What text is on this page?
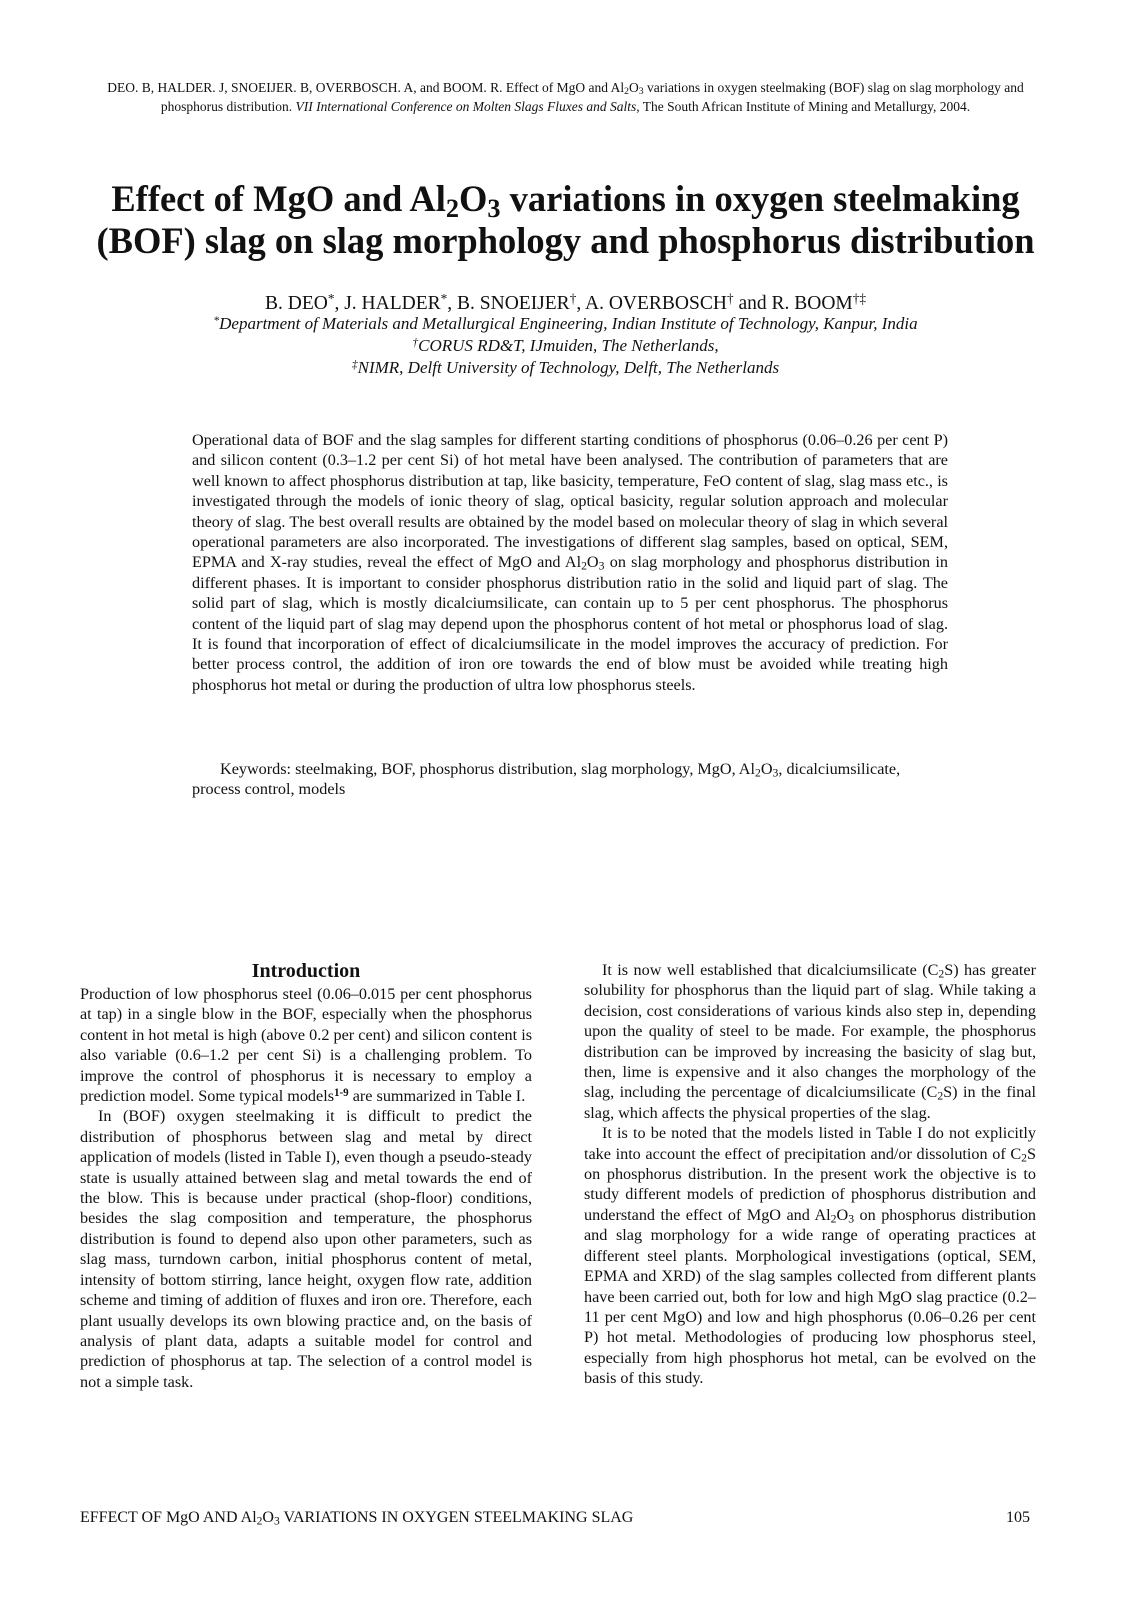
DEO. B, HALDER. J, SNOEIJER. B, OVERBOSCH. A, and BOOM. R. Effect of MgO and $Al_2O_3$ variations in oxygen steelmaking (BOF) slag on slag morphology and phosphorus distribution. VII International Conference on Molten Slags Fluxes and Salts, The South African Institute of Mining and Metallurgy, 2004.
Effect of MgO and $Al_2O_3$ variations in oxygen steelmaking
(BOF) slag on slag morphology and phosphorus distribution
B. DEO*, J. HALDER*, B. SNOEIJER†, A. OVERBOSCH† and R. BOOM†‡
*Department of Materials and Metallurgical Engineering, Indian Institute of Technology, Kanpur, India
†CORUS RD&T, IJmuiden, The Netherlands,
‡NIMR, Delft University of Technology, Delft, The Netherlands

Operational data of BOF and the slag samples for different starting conditions of phosphorus (0.06–0.26 per cent P) and silicon content (0.3–1.2 per cent Si) of hot metal have been analysed. The contribution of parameters that are well known to affect phosphorus distribution at tap, like basicity, temperature, FeO content of slag, slag mass etc., is investigated through the models of ionic theory of slag, optical basicity, regular solution approach and molecular theory of slag. The best overall results are obtained by the model based on molecular theory of slag in which several operational parameters are also incorporated. The investigations of different slag samples, based on optical, SEM, EPMA and X-ray studies, reveal the effect of MgO and $Al_2O_3$ on slag morphology and phosphorus distribution in different phases. It is important to consider phosphorus distribution ratio in the solid and liquid part of slag. The solid part of slag, which is mostly dicalciumsilicate, can contain up to 5 per cent phosphorus. The phosphorus content of the liquid part of slag may depend upon the phosphorus content of hot metal or phosphorus load of slag. It is found that incorporation of effect of dicalciumsilicate in the model improves the accuracy of prediction. For better process control, the addition of iron ore towards the end of blow must be avoided while treating high phosphorus hot metal or during the production of ultra low phosphorus steels.

Keywords: steelmaking, BOF, phosphorus distribution, slag morphology, MgO, $Al_2O_3$, dicalciumsilicate, process control, models

Introduction

Production of low phosphorus steel (0.06–0.015 per cent phosphorus at tap) in a single blow in the BOF, especially when the phosphorus content in hot metal is high (above 0.2 per cent) and silicon content is also variable (0.6–1.2 per cent Si) is a challenging problem. To improve the control of phosphorus it is necessary to employ a prediction model. Some typical models$^{1-9}$ are summarized in Table I.

In (BOF) oxygen steelmaking it is difficult to predict the distribution of phosphorus between slag and metal by direct application of models (listed in Table I), even though a pseudo-steady state is usually attained between slag and metal towards the end of the blow. This is because under practical (shop-floor) conditions, besides the slag composition and temperature, the phosphorus distribution is found to depend also upon other parameters, such as slag mass, turndown carbon, initial phosphorus content of metal, intensity of bottom stirring, lance height, oxygen flow rate, addition scheme and timing of addition of fluxes and iron ore. Therefore, each plant usually develops its own blowing practice and, on the basis of analysis of plant data, adapts a suitable model for control and prediction of phosphorus at tap. The selection of a control model is not a simple task.

It is now well established that dicalciumsilicate $(C_2S)$ has greater solubility for phosphorus than the liquid part of slag. While taking a decision, cost considerations of various kinds also step in, depending upon the quality of steel to be made. For example, the phosphorus distribution can be improved by increasing the basicity of slag but, then, lime is expensive and it also changes the morphology of the slag, including the percentage of dicalciumsilicate $(C_2S)$ in the final slag, which affects the physical properties of the slag.

It is to be noted that the models listed in Table I do not explicitly take into account the effect of precipitation and/or dissolution of $C_2S$ on phosphorus distribution. In the present work the objective is to study different models of prediction of phosphorus distribution and understand the effect of MgO and $Al_2O_3$ on phosphorus distribution and slag morphology for a wide range of operating practices at different steel plants. Morphological investigations (optical, SEM, EPMA and XRD) of the slag samples collected from different plants have been carried out, both for low and high MgO slag practice (0.2–11 per cent MgO) and low and high phosphorus (0.06–0.26 per cent P) hot metal. Methodologies of producing low phosphorus steel, especially from high phosphorus hot metal, can be evolved on the basis of this study.

EFFECT OF MgO AND $Al_2O_3$ VARIATIONS IN OXYGEN STEELMAKING SLAG	105
